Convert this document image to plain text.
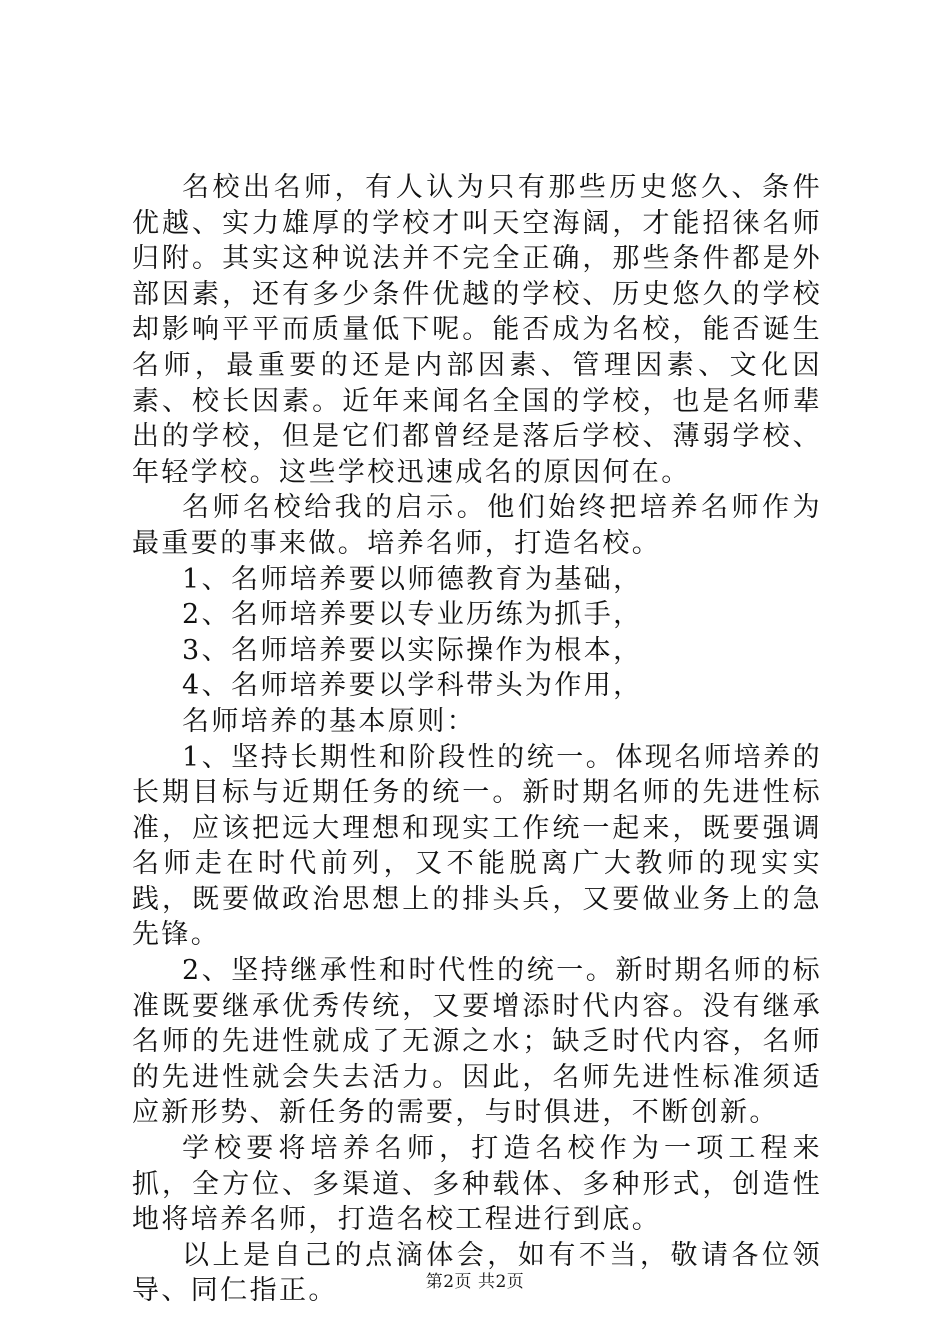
名校出名师，有人认为只有那些历史悠久、条件优越、实力雄厚的学校才叫天空海阔，才能招徕名师归附。其实这种说法并不完全正确，那些条件都是外部因素，还有多少条件优越的学校、历史悠久的学校却影响平平而质量低下呢。能否成为名校，能否诞生名师，最重要的还是内部因素、管理因素、文化因素、校长因素。近年来闻名全国的学校，也是名师辈出的学校，但是它们都曾经是落后学校、薄弱学校、年轻学校。这些学校迅速成名的原因何在。

名师名校给我的启示。他们始终把培养名师作为最重要的事来做。培养名师，打造名校。

1、名师培养要以师德教育为基础，

2、名师培养要以专业历练为抓手，

3、名师培养要以实际操作为根本，

4、名师培养要以学科带头为作用，

名师培养的基本原则：

1、坚持长期性和阶段性的统一。体现名师培养的长期目标与近期任务的统一。新时期名师的先进性标准，应该把远大理想和现实工作统一起来，既要强调名师走在时代前列，又不能脱离广大教师的现实实践，既要做政治思想上的排头兵，又要做业务上的急先锋。

2、坚持继承性和时代性的统一。新时期名师的标准既要继承优秀传统，又要增添时代内容。没有继承名师的先进性就成了无源之水；缺乏时代内容，名师的先进性就会失去活力。因此，名师先进性标准须适应新形势、新任务的需要，与时俱进，不断创新。

学校要将培养名师，打造名校作为一项工程来抓，全方位、多渠道、多种载体、多种形式，创造性地将培养名师，打造名校工程进行到底。

以上是自己的点滴体会，如有不当，敬请各位领导、同仁指正。	第2页 共2页
